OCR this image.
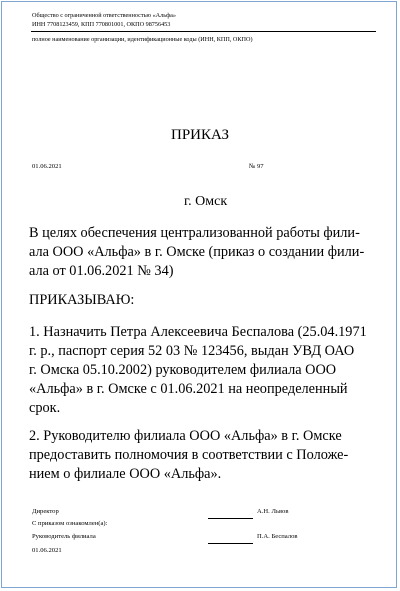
Общество с ограниченной ответственностью «Альфа»
ИНН 7708123459, КПП 770801001, ОКПО 98756453
полное наименование организации, идентификационные коды (ИНН, КПП, ОКПО)
ПРИКАЗ
01.06.2021	№ 97
г. Омск
В целях обеспечения централизованной работы фили-
ала ООО «Альфа» в г. Омске (приказ о создании фили-
ала от 01.06.2021 № 34)
ПРИКАЗЫВАЮ:
1. Назначить Петра Алексеевича Беспалова (25.04.1971
г. р., паспорт серия 52 03 № 123456, выдан УВД ОАО
г. Омска 05.10.2002) руководителем филиала ООО
«Альфа» в г. Омске с 01.06.2021 на неопределенный
срок.
2. Руководителю филиала ООО «Альфа» в г. Омске
предоставить полномочия в соответствии с Положе-
нием о филиале ООО «Альфа».
Директор	А.Н. Львов
С приказом ознакомлен(а):
Руководитель филиала	П.А. Беспалов
01.06.2021
